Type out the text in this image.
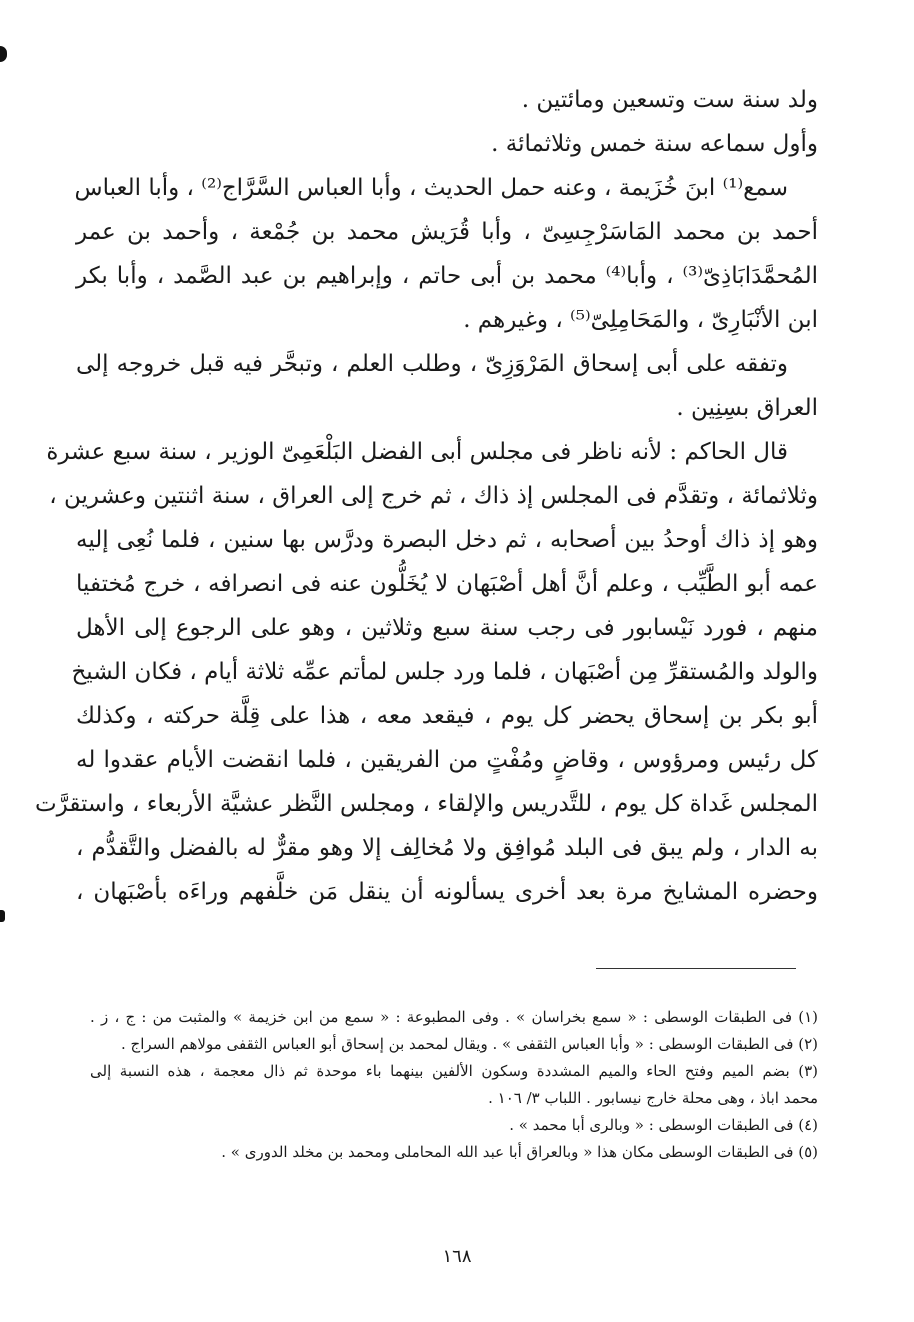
ولد سنة ست وتسعين ومائتين .
وأول سماعه سنة خمس وثلاثمائة .
سمع⁽¹⁾ ابنَ خُزَيمة ، وعنه حمل الحديث ، وأبا العباس السَّرَّاج⁽²⁾ ، وأبا العباس
أحمد بن محمد المَاسَرْجِسِىّ ، وأبا قُرَيش محمد بن جُمْعة ، وأحمد بن عمر
المُحمَّدَابَاذِىّ⁽³⁾ ، وأبا⁽⁴⁾ محمد بن أبى حاتم ، وإبراهيم بن عبد الصَّمد ، وأبا بكر
ابن الأنْبَارِىّ ، والمَحَامِلِىّ⁽⁵⁾ ، وغيرهم .
وتفقه على أبى إسحاق المَرْوَزِىّ ، وطلب العلم ، وتبحَّر فيه قبل خروجه إلى
العراق بسِنِين .
قال الحاكم : لأنه ناظر فى مجلس أبى الفضل البَلْعَمِىّ الوزير ، سنة سبع عشرة
وثلاثمائة ، وتقدَّم فى المجلس إذ ذاك ، ثم خرج إلى العراق ، سنة اثنتين وعشرين ،
وهو إذ ذاك أوحدُ بين أصحابه ، ثم دخل البصرة ودرَّس بها سنين ، فلما نُعِى إليه
عمه أبو الطَّيِّب ، وعلم أنَّ أهل أصْبَهان لا يُخَلُّون عنه فى انصرافه ، خرج مُختفيا
منهم ، فورد نَيْسابور فى رجب سنة سبع وثلاثين ، وهو على الرجوع إلى الأهل
والولد والمُستقرِّ مِن أصْبَهان ، فلما ورد جلس لمأتم عمِّه ثلاثة أيام ، فكان الشيخ
أبو بكر بن إسحاق يحضر كل يوم ، فيقعد معه ، هذا على قِلَّة حركته ، وكذلك
كل رئيس ومرؤوس ، وقاضٍ ومُفْتٍ من الفريقين ، فلما انقضت الأيام عقدوا له
المجلس غَداة كل يوم ، للتَّدريس والإلقاء ، ومجلس النَّظر عشيَّة الأربعاء ، واستقرَّت
به الدار ، ولم يبق فى البلد مُوافِق ولا مُخالِف إلا وهو مقرٌّ له بالفضل والتَّقدُّم ،
وحضره المشايخ مرة بعد أخرى يسألونه أن ينقل مَن خلَّفهم وراءَه بأصْبَهان ،
(١) فى الطبقات الوسطى : « سمع بخراسان » . وفى المطبوعة : « سمع من ابن خزيمة » والمثبت من : ج ، ز .
(٢) فى الطبقات الوسطى : « وأبا العباس الثقفى » . ويقال لمحمد بن إسحاق أبو العباس الثقفى مولاهم السراج .
(٣) بضم الميم وفتح الحاء والميم المشددة وسكون الألفين بينهما باء موحدة ثم ذال معجمة ، هذه النسبة إلى
محمد اباذ ، وهى محلة خارج نيسابور . اللباب ٣/ ١٠٦ .
(٤) فى الطبقات الوسطى : « وبالرى أبا محمد » .
(٥) فى الطبقات الوسطى مكان هذا « وبالعراق أبا عبد الله المحاملى ومحمد بن مخلد الدورى » .
١٦٨
